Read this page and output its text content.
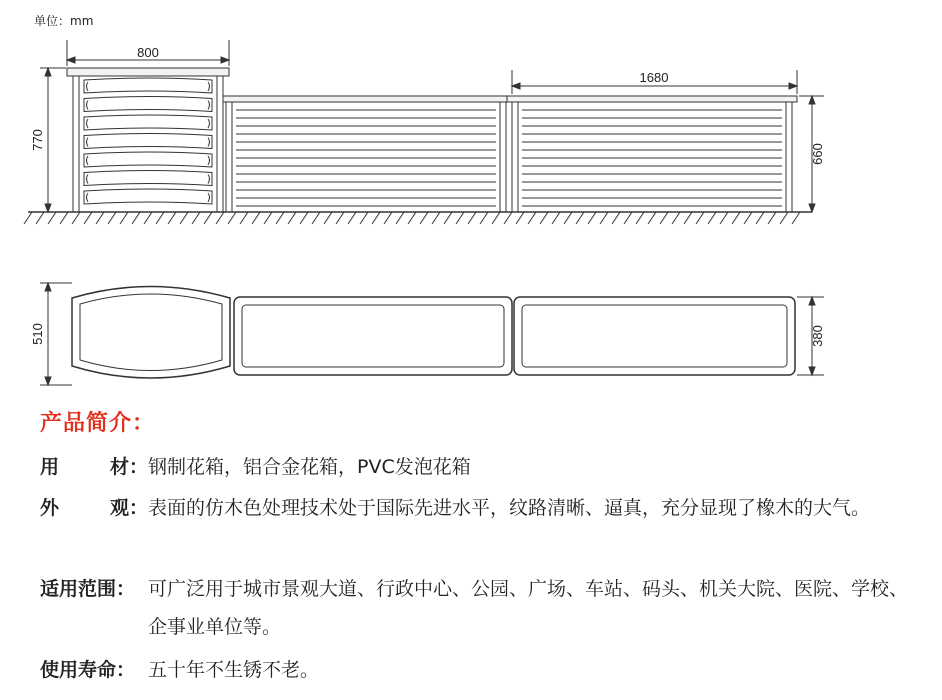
单位：mm
800
770
1680
660
510	380
产品简介：
用	材： 钢制花箱，铝合金花箱，PVC发泡花箱
外	观： 表面的仿木色处理技术处于国际先进水平，纹路清晰、逼真，充分显现了橡木的大气。
适用范围： 可广泛用于城市景观大道、行政中心、公园、广场、车站、码头、机关大院、医院、学校、企事业单位等。
使用寿命： 五十年不生锈不老。
